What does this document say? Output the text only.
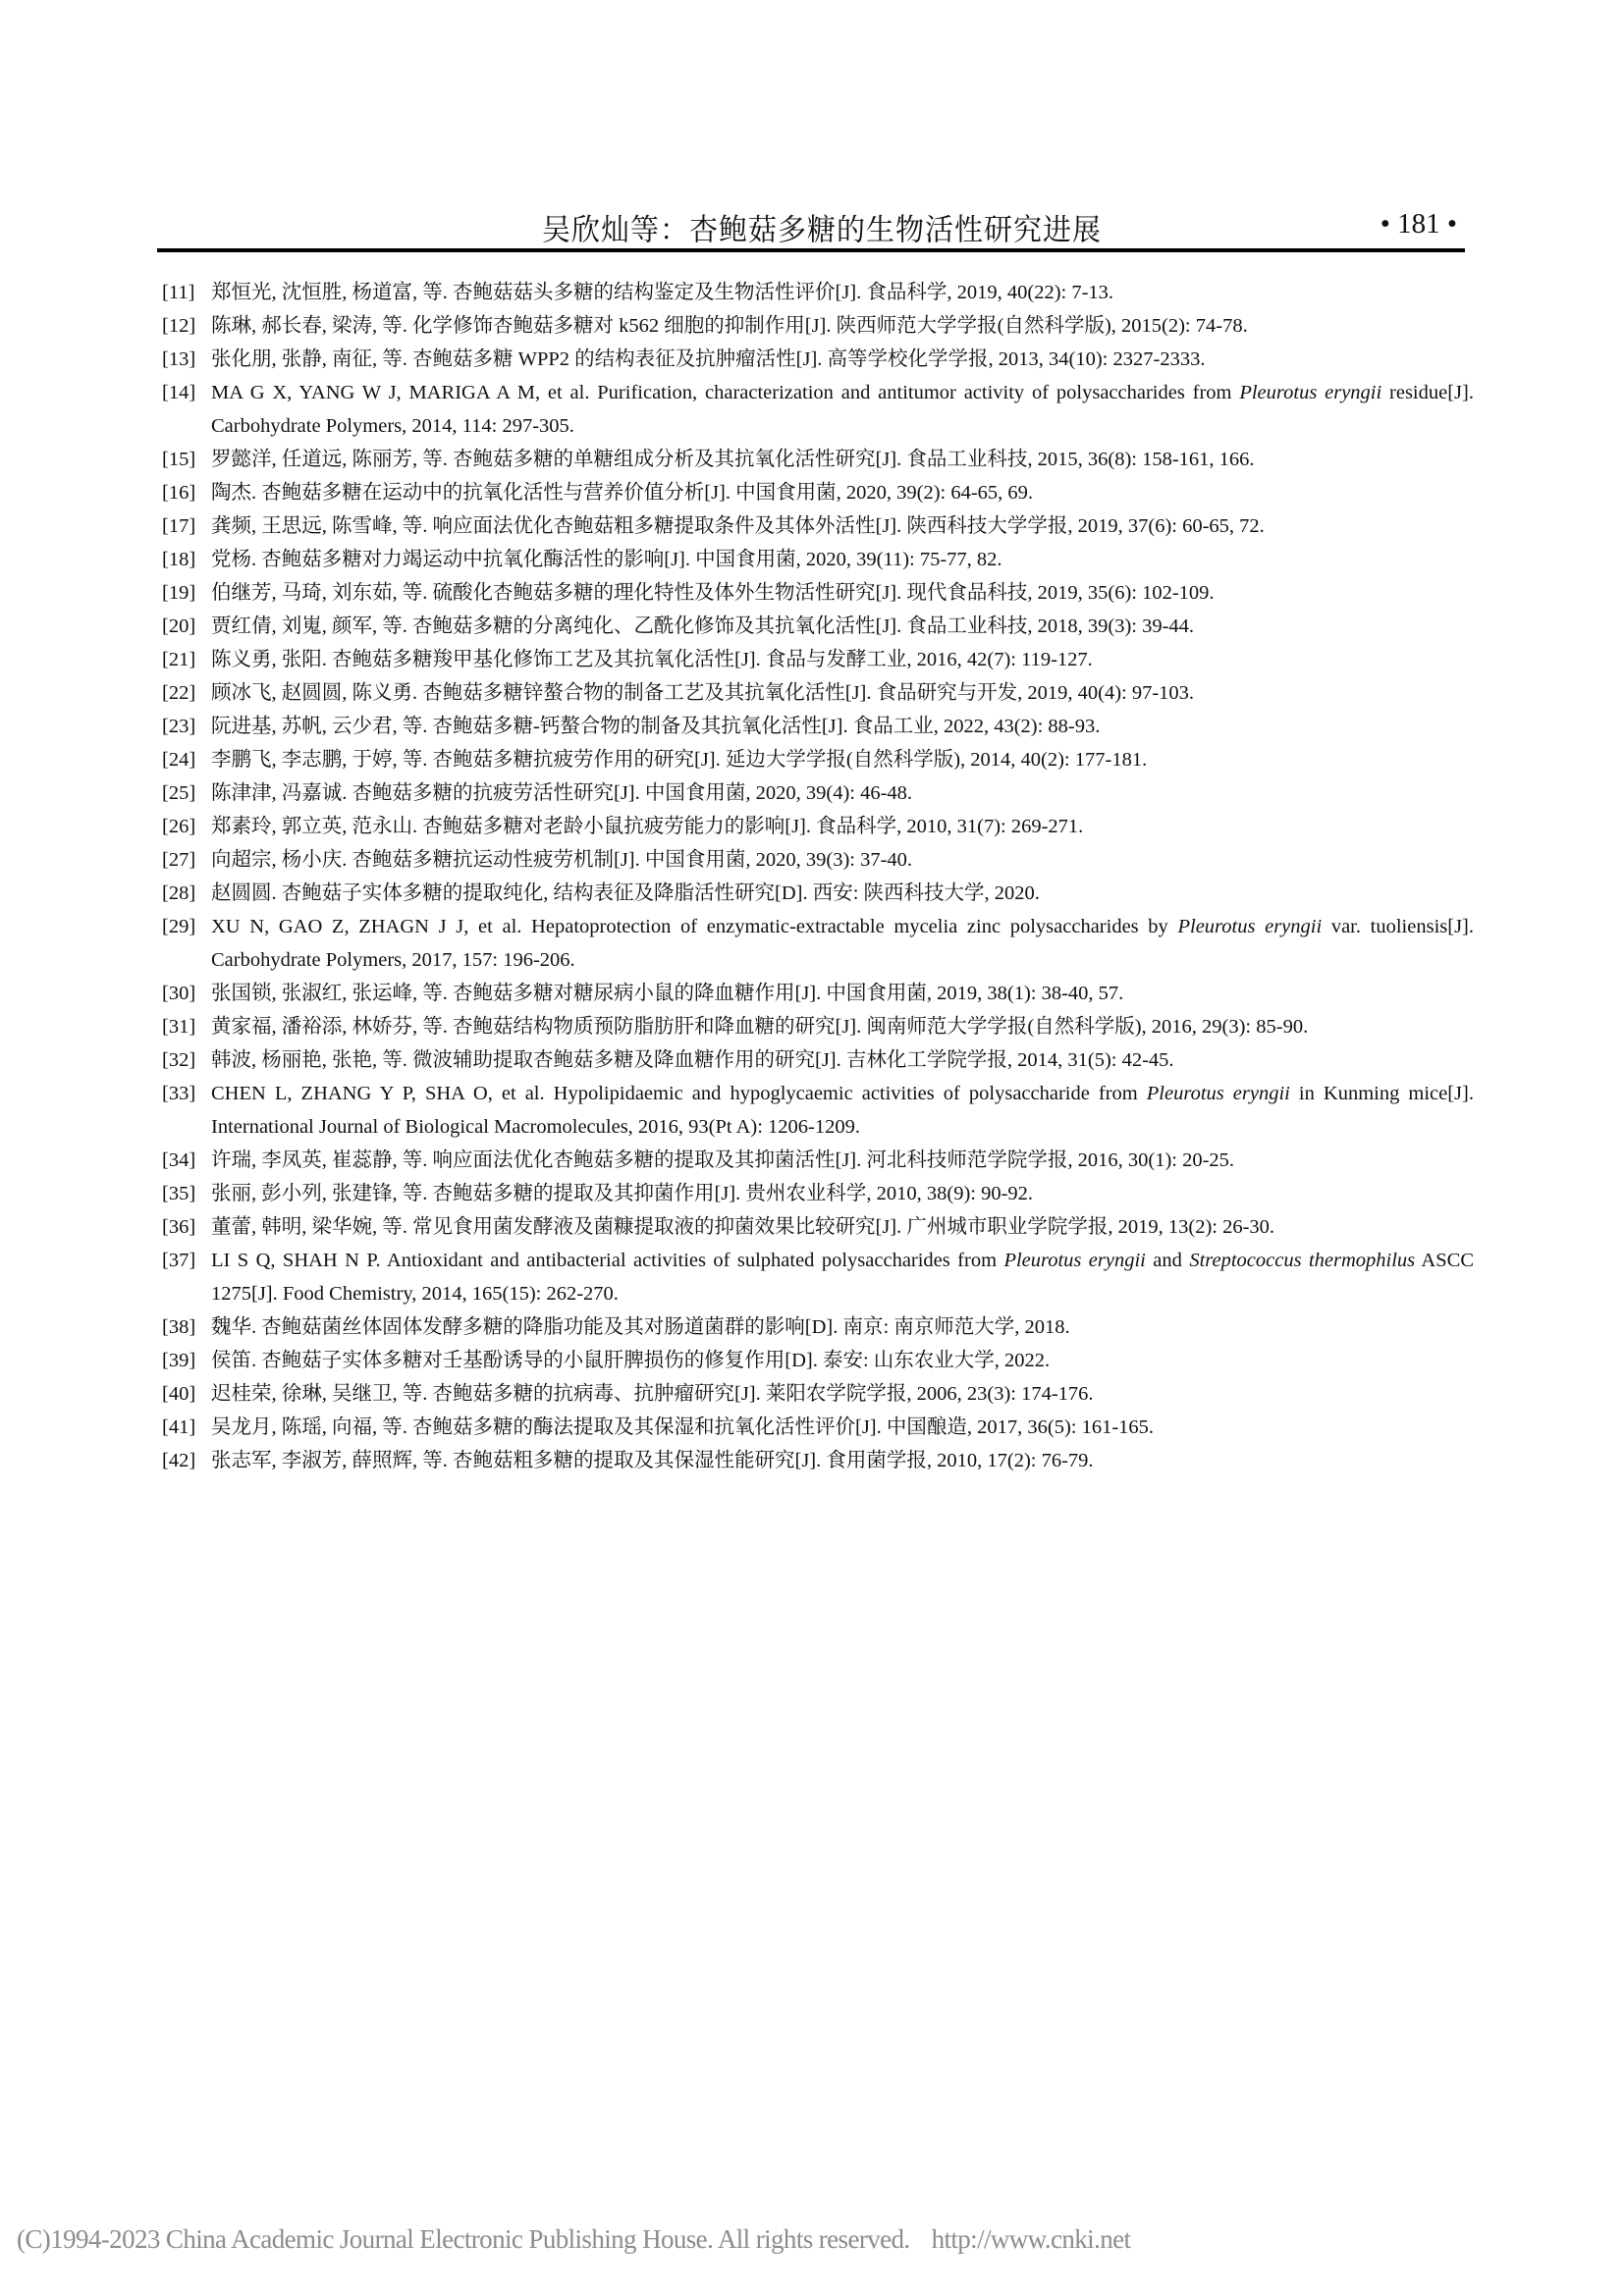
吴欣灿等：杏鲍菇多糖的生物活性研究进展	• 181 •
[11] 郑恒光, 沈恒胜, 杨道富, 等. 杏鲍菇菇头多糖的结构鉴定及生物活性评价[J]. 食品科学, 2019, 40(22): 7-13.
[12] 陈琳, 郝长春, 梁涛, 等. 化学修饰杏鲍菇多糖对 k562 细胞的抑制作用[J]. 陕西师范大学学报(自然科学版), 2015(2): 74-78.
[13] 张化朋, 张静, 南征, 等. 杏鲍菇多糖 WPP2 的结构表征及抗肿瘤活性[J]. 高等学校化学学报, 2013, 34(10): 2327-2333.
[14] MA G X, YANG W J, MARIGA A M, et al. Purification, characterization and antitumor activity of polysaccharides from Pleurotus eryngii residue[J]. Carbohydrate Polymers, 2014, 114: 297-305.
[15] 罗懿洋, 任道远, 陈丽芳, 等. 杏鲍菇多糖的单糖组成分析及其抗氧化活性研究[J]. 食品工业科技, 2015, 36(8): 158-161, 166.
[16] 陶杰. 杏鲍菇多糖在运动中的抗氧化活性与营养价值分析[J]. 中国食用菌, 2020, 39(2): 64-65, 69.
[17] 龚频, 王思远, 陈雪峰, 等. 响应面法优化杏鲍菇粗多糖提取条件及其体外活性[J]. 陕西科技大学学报, 2019, 37(6): 60-65, 72.
[18] 党杨. 杏鲍菇多糖对力竭运动中抗氧化酶活性的影响[J]. 中国食用菌, 2020, 39(11): 75-77, 82.
[19] 伯继芳, 马琦, 刘东茹, 等. 硫酸化杏鲍菇多糖的理化特性及体外生物活性研究[J]. 现代食品科技, 2019, 35(6): 102-109.
[20] 贾红倩, 刘嵬, 颜军, 等. 杏鲍菇多糖的分离纯化、乙酰化修饰及其抗氧化活性[J]. 食品工业科技, 2018, 39(3): 39-44.
[21] 陈义勇, 张阳. 杏鲍菇多糖羧甲基化修饰工艺及其抗氧化活性[J]. 食品与发酵工业, 2016, 42(7): 119-127.
[22] 顾冰飞, 赵圆圆, 陈义勇. 杏鲍菇多糖锌螯合物的制备工艺及其抗氧化活性[J]. 食品研究与开发, 2019, 40(4): 97-103.
[23] 阮进基, 苏帆, 云少君, 等. 杏鲍菇多糖-钙螯合物的制备及其抗氧化活性[J]. 食品工业, 2022, 43(2): 88-93.
[24] 李鹏飞, 李志鹏, 于婷, 等. 杏鲍菇多糖抗疲劳作用的研究[J]. 延边大学学报(自然科学版), 2014, 40(2): 177-181.
[25] 陈津津, 冯嘉诚. 杏鲍菇多糖的抗疲劳活性研究[J]. 中国食用菌, 2020, 39(4): 46-48.
[26] 郑素玲, 郭立英, 范永山. 杏鲍菇多糖对老龄小鼠抗疲劳能力的影响[J]. 食品科学, 2010, 31(7): 269-271.
[27] 向超宗, 杨小庆. 杏鲍菇多糖抗运动性疲劳机制[J]. 中国食用菌, 2020, 39(3): 37-40.
[28] 赵圆圆. 杏鲍菇子实体多糖的提取纯化, 结构表征及降脂活性研究[D]. 西安: 陕西科技大学, 2020.
[29] XU N, GAO Z, ZHAGN J J, et al. Hepatoprotection of enzymatic-extractable mycelia zinc polysaccharides by Pleurotus eryngii var. tuoliensis[J]. Carbohydrate Polymers, 2017, 157: 196-206.
[30] 张国锁, 张淑红, 张运峰, 等. 杏鲍菇多糖对糖尿病小鼠的降血糖作用[J]. 中国食用菌, 2019, 38(1): 38-40, 57.
[31] 黄家福, 潘裕添, 林娇芬, 等. 杏鲍菇结构物质预防脂肪肝和降血糖的研究[J]. 闽南师范大学学报(自然科学版), 2016, 29(3): 85-90.
[32] 韩波, 杨丽艳, 张艳, 等. 微波辅助提取杏鲍菇多糖及降血糖作用的研究[J]. 吉林化工学院学报, 2014, 31(5): 42-45.
[33] CHEN L, ZHANG Y P, SHA O, et al. Hypolipidaemic and hypoglycaemic activities of polysaccharide from Pleurotus eryngii in Kunming mice[J]. International Journal of Biological Macromolecules, 2016, 93(Pt A): 1206-1209.
[34] 许瑞, 李凤英, 崔蕊静, 等. 响应面法优化杏鲍菇多糖的提取及其抑菌活性[J]. 河北科技师范学院学报, 2016, 30(1): 20-25.
[35] 张丽, 彭小列, 张建锋, 等. 杏鲍菇多糖的提取及其抑菌作用[J]. 贵州农业科学, 2010, 38(9): 90-92.
[36] 董蕾, 韩明, 梁华婉, 等. 常见食用菌发酵液及菌糠提取液的抑菌效果比较研究[J]. 广州城市职业学院学报, 2019, 13(2): 26-30.
[37] LI S Q, SHAH N P. Antioxidant and antibacterial activities of sulphated polysaccharides from Pleurotus eryngii and Streptococcus thermophilus ASCC 1275[J]. Food Chemistry, 2014, 165(15): 262-270.
[38] 魏华. 杏鲍菇菌丝体固体发酵多糖的降脂功能及其对肠道菌群的影响[D]. 南京: 南京师范大学, 2018.
[39] 侯笛. 杏鲍菇子实体多糖对壬基酚诱导的小鼠肝脾损伤的修复作用[D]. 泰安: 山东农业大学, 2022.
[40] 迟桂荣, 徐琳, 吴继卫, 等. 杏鲍菇多糖的抗病毒、抗肿瘤研究[J]. 莱阳农学院学报, 2006, 23(3): 174-176.
[41] 吴龙月, 陈瑶, 向福, 等. 杏鲍菇多糖的酶法提取及其保湿和抗氧化活性评价[J]. 中国酿造, 2017, 36(5): 161-165.
[42] 张志军, 李淑芳, 薛照辉, 等. 杏鲍菇粗多糖的提取及其保湿性能研究[J]. 食用菌学报, 2010, 17(2): 76-79.
(C)1994-2023 China Academic Journal Electronic Publishing House. All rights reserved. http://www.cnki.net
